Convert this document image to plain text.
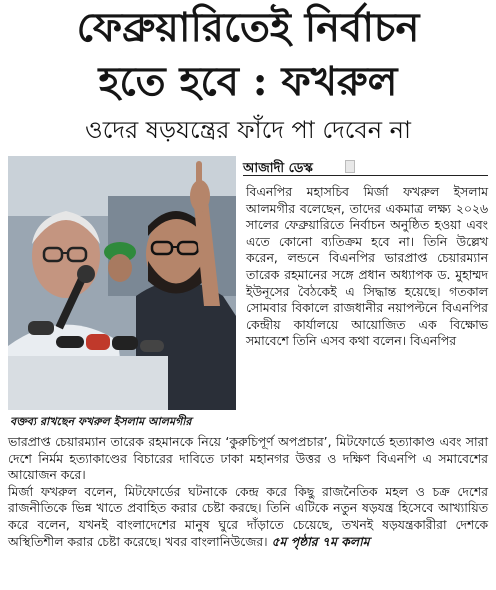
ফেব্রুয়ারিতেই নির্বাচন
হতে হবে : ফখরুল
ওদের ষড়যন্ত্রের ফাঁদে পা দেবেন না
বক্তব্য রাখছেন ফখরুল ইসলাম আলমগীর
আজাদী ডেস্ক
বিএনপির মহাসচিব মির্জা ফখরুল ইসলাম আলমগীর বলেছেন, তাদের একমাত্র লক্ষ্য ২০২৬ সালের ফেব্রুয়ারিতে নির্বাচন অনুষ্ঠিত হওয়া এবং এতে কোনো ব্যতিক্রম হবে না। তিনি উল্লেখ করেন, লন্ডনে বিএনপির ভারপ্রাপ্ত চেয়ারম্যান তারেক রহমানের সঙ্গে প্রধান অধ্যাপক ড. মুহাম্মদ ইউনূসের বৈঠকেই এ সিদ্ধান্ত হয়েছে। গতকাল সোমবার বিকালে রাজধানীর নয়াপল্টনে বিএনপির কেন্দ্রীয় কার্যালয়ে আয়োজিত এক বিক্ষোভ সমাবেশে তিনি এসব কথা বলেন। বিএনপির
ভারপ্রাপ্ত চেয়ারম্যান তারেক রহমানকে নিয়ে ‘কুরুচিপূর্ণ অপপ্রচার’, মিটফোর্ডে হত্যাকাণ্ড এবং সারা দেশে নির্মম হত্যাকাণ্ডের বিচারের দাবিতে ঢাকা মহানগর উত্তর ও দক্ষিণ বিএনপি এ সমাবেশের আয়োজন করে।
মির্জা ফখরুল বলেন, মিটফোর্ডের ঘটনাকে কেন্দ্র করে কিছু রাজনৈতিক মহল ও চক্র দেশের রাজনীতিকে ভিন্ন খাতে প্রবাহিত করার চেষ্টা করছে। তিনি এটিকে নতুন ষড়যন্ত্র হিসেবে আখ্যায়িত করে বলেন, যখনই বাংলাদেশের মানুষ ঘুরে দাঁড়াতে চেয়েছে, তখনই ষড়যন্ত্রকারীরা দেশকে অস্থিতিশীল করার চেষ্টা করেছে। খবর বাংলানিউজের। ৫ম পৃষ্ঠার ৭ম কলাম
